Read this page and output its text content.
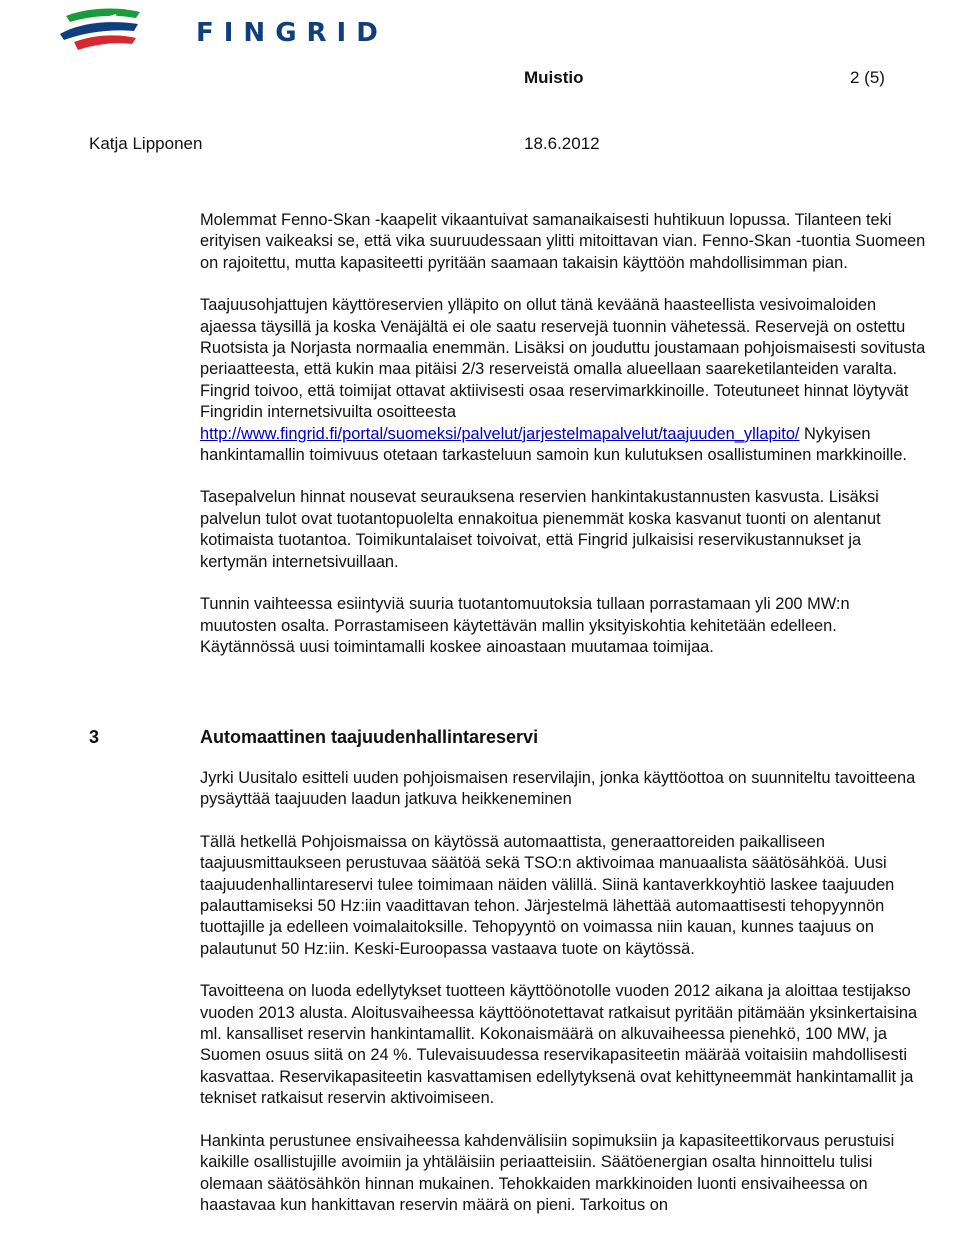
FINGRID
Muistio	2 (5)
Katja Lipponen	18.6.2012

Molemmat Fenno-Skan -kaapelit vikaantuivat samanaikaisesti huhtikuun lopussa. Tilanteen teki erityisen vaikeaksi se, että vika suuruudessaan ylitti mitoittavan vian. Fenno-Skan -tuontia Suomeen on rajoitettu, mutta kapasiteetti pyritään saamaan takaisin käyttöön mahdollisimman pian.

Taajuusohjattujen käyttöreservien ylläpito on ollut tänä keväänä haasteellista vesivoimaloiden ajaessa täysillä ja koska Venäjältä ei ole saatu reservejä tuonnin vähetessä. Reservejä on ostettu Ruotsista ja Norjasta normaalia enemmän. Lisäksi on jouduttu joustamaan pohjoismaisesti sovitusta periaatteesta, että kukin maa pitäisi 2/3 reserveistä omalla alueellaan saareketilanteiden varalta. Fingrid toivoo, että toimijat ottavat aktiivisesti osaa reservimarkkinoille. Toteutuneet hinnat löytyvät Fingridin internetsivuilta osoitteesta http://www.fingrid.fi/portal/suomeksi/palvelut/jarjestelmapalvelut/taajuuden_yllapito/ Nykyisen hankintamallin toimivuus otetaan tarkasteluun samoin kun kulutuksen osallistuminen markkinoille.

Tasepalvelun hinnat nousevat seurauksena reservien hankintakustannusten kasvusta. Lisäksi palvelun tulot ovat tuotantopuolelta ennakoitua pienemmät koska kasvanut tuonti on alentanut kotimaista tuotantoa. Toimikuntalaiset toivoivat, että Fingrid julkaisisi reservikustannukset ja kertymän internetsivuillaan.

Tunnin vaihteessa esiintyviä suuria tuotantomuutoksia tullaan porrastamaan yli 200 MW:n muutosten osalta. Porrastamiseen käytettävän mallin yksityiskohtia kehitetään edelleen. Käytännössä uusi toimintamalli koskee ainoastaan muutamaa toimijaa.

3	Automaattinen taajuudenhallintareservi

Jyrki Uusitalo esitteli uuden pohjoismaisen reservilajin, jonka käyttöottoa on suunniteltu tavoitteena pysäyttää taajuuden laadun jatkuva heikkeneminen

Tällä hetkellä Pohjoismaissa on käytössä automaattista, generaattoreiden paikalliseen taajuusmittaukseen perustuvaa säätöä sekä TSO:n aktivoimaa manuaalista säätösähköä. Uusi taajuudenhallintareservi tulee toimimaan näiden välillä. Siinä kantaverkkoyhtiö laskee taajuuden palauttamiseksi 50 Hz:iin vaadittavan tehon. Järjestelmä lähettää automaattisesti tehopyynnön tuottajille ja edelleen voimalaitoksille. Tehopyyntö on voimassa niin kauan, kunnes taajuus on palautunut 50 Hz:iin. Keski-Euroopassa vastaava tuote on käytössä.

Tavoitteena on luoda edellytykset tuotteen käyttöönotolle vuoden 2012 aikana ja aloittaa testijakso vuoden 2013 alusta. Aloitusvaiheessa käyttöönotettavat ratkaisut pyritään pitämään yksinkertaisina ml. kansalliset reservin hankintamallit. Kokonaismäärä on alkuvaiheessa pienehkö, 100 MW, ja Suomen osuus siitä on 24 %. Tulevaisuudessa reservikapasiteetin määrää voitaisiin mahdollisesti kasvattaa. Reservikapasiteetin kasvattamisen edellytyksenä ovat kehittyneemmät hankintamallit ja tekniset ratkaisut reservin aktivoimiseen.

Hankinta perustunee ensivaiheessa kahdenvälisiin sopimuksiin ja kapasiteettikorvaus perustuisi kaikille osallistujille avoimiin ja yhtäläisiin periaatteisiin. Säätöenergian osalta hinnoittelu tulisi olemaan säätösähkön hinnan mukainen. Tehokkaiden markkinoiden luonti ensivaiheessa on haastavaa kun hankittavan reservin määrä on pieni. Tarkoitus on
